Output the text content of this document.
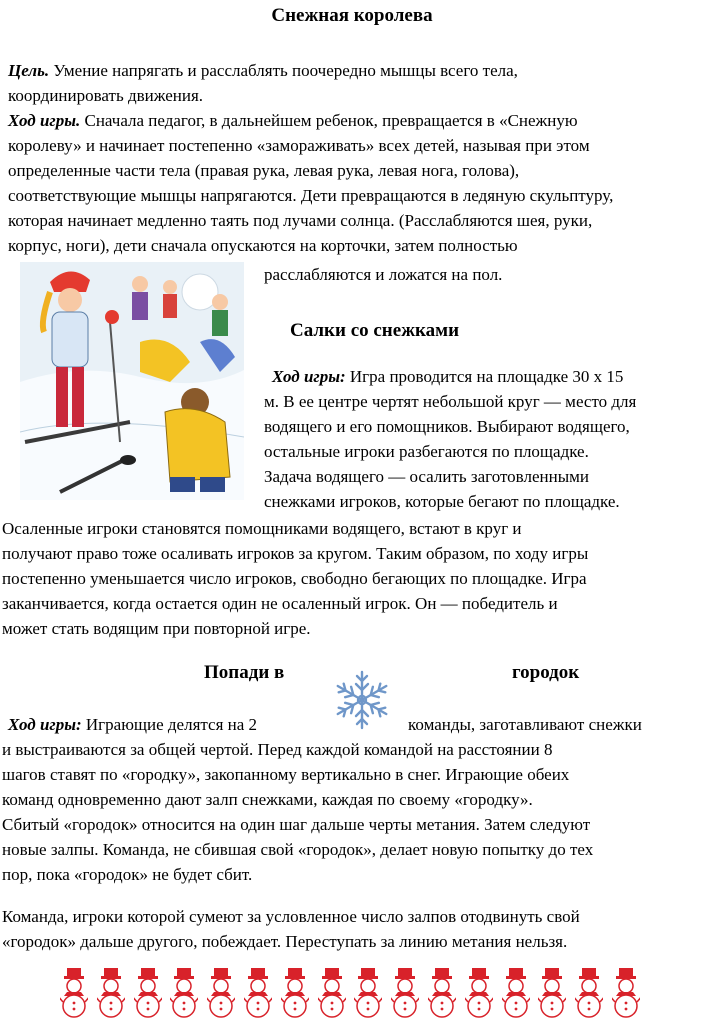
Снежная королева
Цель. Умение напрягать и расслаблять поочередно мышцы всего тела,
координировать движения.
Ход игры. Сначала педагог, в дальнейшем ребенок, превращается в «Снежную
королеву» и начинает постепенно «замораживать» всех детей, называя при этом
определенные части тела (правая рука, левая рука, левая нога, голова),
соответствующие мышцы напрягаются. Дети превращаются в ледяную скульптуру,
которая начинает медленно таять под лучами солнца. (Расслабляются шея, руки,
корпус, ноги), дети сначала опускаются на корточки, затем полностью
расслабляются и ложатся на пол.
Салки со снежками
Ход игры: Игра проводится на площадке 30 х 15
м. В ее центре чертят небольшой круг — место для
водящего и его помощников. Выбирают водящего,
остальные игроки разбегаются по площадке.
Задача водящего — осалить заготовленными
снежками игроков, которые бегают по площадке.
Осаленные игроки становятся помощниками водящего, встают в круг и
получают право тоже осаливать игроков за кругом. Таким образом, по ходу игры
постепенно уменьшается число игроков, свободно бегающих по площадке. Игра
заканчивается, когда остается один не осаленный игрок. Он — победитель и
может стать водящим при повторной игре.
Попади в	городок
Ход игры: Играющие делятся на 2	команды, заготавливают снежки
и выстраиваются за общей чертой. Перед каждой командой на расстоянии 8
шагов ставят по «городку», закопанному вертикально в снег. Играющие обеих
команд одновременно дают залп снежками, каждая по своему «городку».
Сбитый «городок» относится на один шаг дальше черты метания. Затем следуют
новые залпы. Команда, не сбившая свой «городок», делает новую попытку до тех
пор, пока «городок» не будет сбит.
Команда, игроки которой сумеют за условленное число залпов отодвинуть свой
«городок» дальше другого, побеждает. Переступать за линию метания нельзя.
